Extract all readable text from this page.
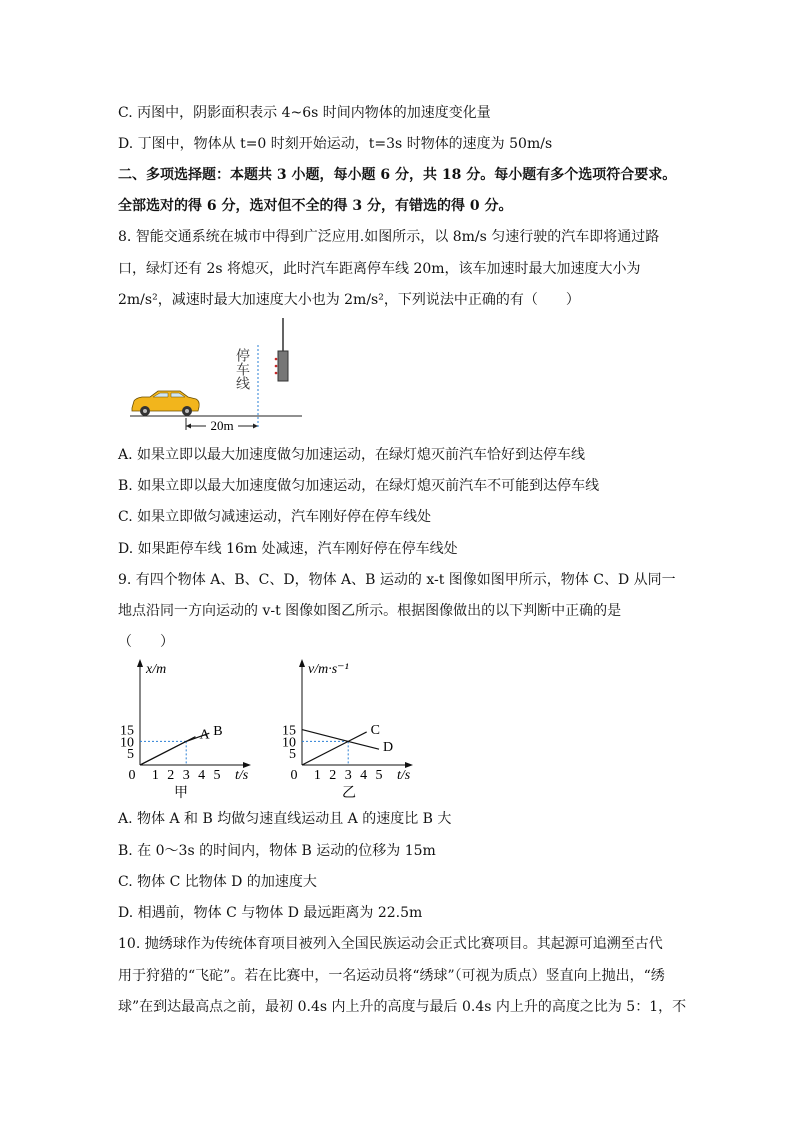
C. 丙图中，阴影面积表示 4~6s 时间内物体的加速度变化量
D. 丁图中，物体从 t=0 时刻开始运动，t=3s 时物体的速度为 50m/s
二、多项选择题：本题共 3 小题，每小题 6 分，共 18 分。每小题有多个选项符合要求。
全部选对的得 6 分，选对但不全的得 3 分，有错选的得 0 分。
8. 智能交通系统在城市中得到广泛应用.如图所示，以 8m/s 匀速行驶的汽车即将通过路
口，绿灯还有 2s 将熄灭，此时汽车距离停车线 20m，该车加速时最大加速度大小为
2m/s²，减速时最大加速度大小也为 2m/s²，下列说法中正确的有（　　）
20m
停车线
A. 如果立即以最大加速度做匀加速运动，在绿灯熄灭前汽车恰好到达停车线
B. 如果立即以最大加速度做匀加速运动，在绿灯熄灭前汽车不可能到达停车线
C. 如果立即做匀减速运动，汽车刚好停在停车线处
D. 如果距停车线 16m 处减速，汽车刚好停在停车线处
9. 有四个物体 A、B、C、D，物体 A、B 运动的 x-t 图像如图甲所示，物体 C、D 从同一
地点沿同一方向运动的 v-t 图像如图乙所示。根据图像做出的以下判断中正确的是
（　　）
x/m
t/s
甲
5
10
15
0 1 2 3 4 5
A B
v/m·s⁻¹
t/s
乙
5
10
15
0 1 2 3 4 5
C
D
A. 物体 A 和 B 均做匀速直线运动且 A 的速度比 B 大
B. 在 0～3s 的时间内，物体 B 运动的位移为 15m
C. 物体 C 比物体 D 的加速度大
D. 相遇前，物体 C 与物体 D 最远距离为 22.5m
10. 抛绣球作为传统体育项目被列入全国民族运动会正式比赛项目。其起源可追溯至古代
用于狩猎的“飞砣”。若在比赛中，一名运动员将“绣球”（可视为质点）竖直向上抛出，“绣
球”在到达最高点之前，最初 0.4s 内上升的高度与最后 0.4s 内上升的高度之比为 5：1，不
